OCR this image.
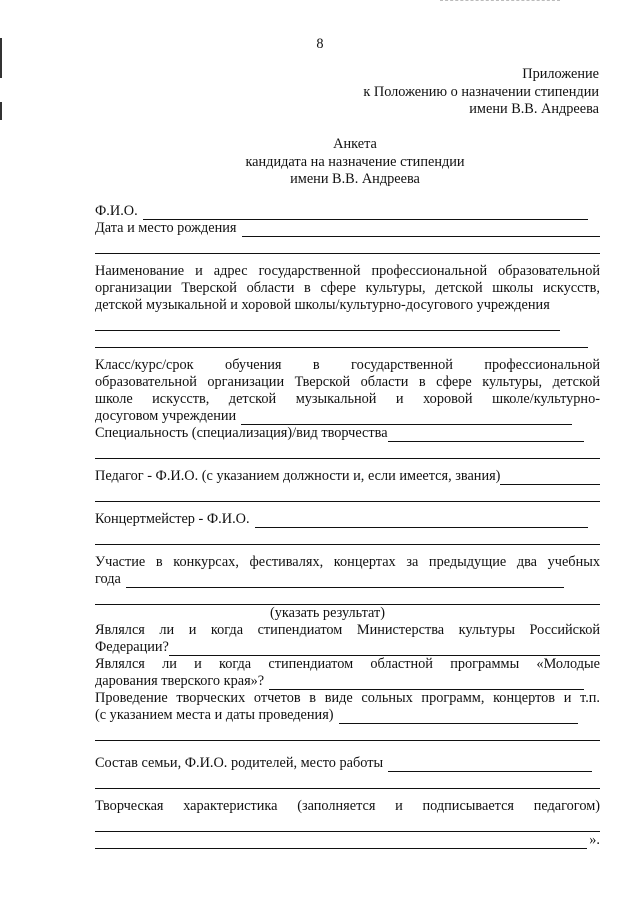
8
Приложение
к Положению о назначении стипендии
имени В.В. Андреева
Анкета
кандидата на назначение стипендии
имени В.В. Андреева
Ф.И.О.
Дата и место рождения
Наименование и адрес государственной профессиональной образовательной организации Тверской области в сфере культуры, детской школы искусств, детской музыкальной и хоровой школы/культурно-досугового учреждения
Класс/курс/срок обучения в государственной профессиональной
образовательной организации Тверской области в сфере культуры, детской
школе искусств, детской музыкальной и хоровой школе/культурно-
досуговом учреждении
Специальность (специализация)/вид творчества
Педагог - Ф.И.О. (с указанием должности и, если имеется, звания)
Концертмейстер - Ф.И.О.
Участие в конкурсах, фестивалях, концертах за предыдущие два учебных
года
(указать результат)
Являлся ли и когда стипендиатом Министерства культуры Российской
Федерации?
Являлся ли и когда стипендиатом областной программы «Молодые
дарования тверского края»?
Проведение творческих отчетов в виде сольных программ, концертов и т.п.
(с указанием места и даты проведения)
Состав семьи, Ф.И.О. родителей, место работы
Творческая характеристика (заполняется и подписывается педагогом)
».
